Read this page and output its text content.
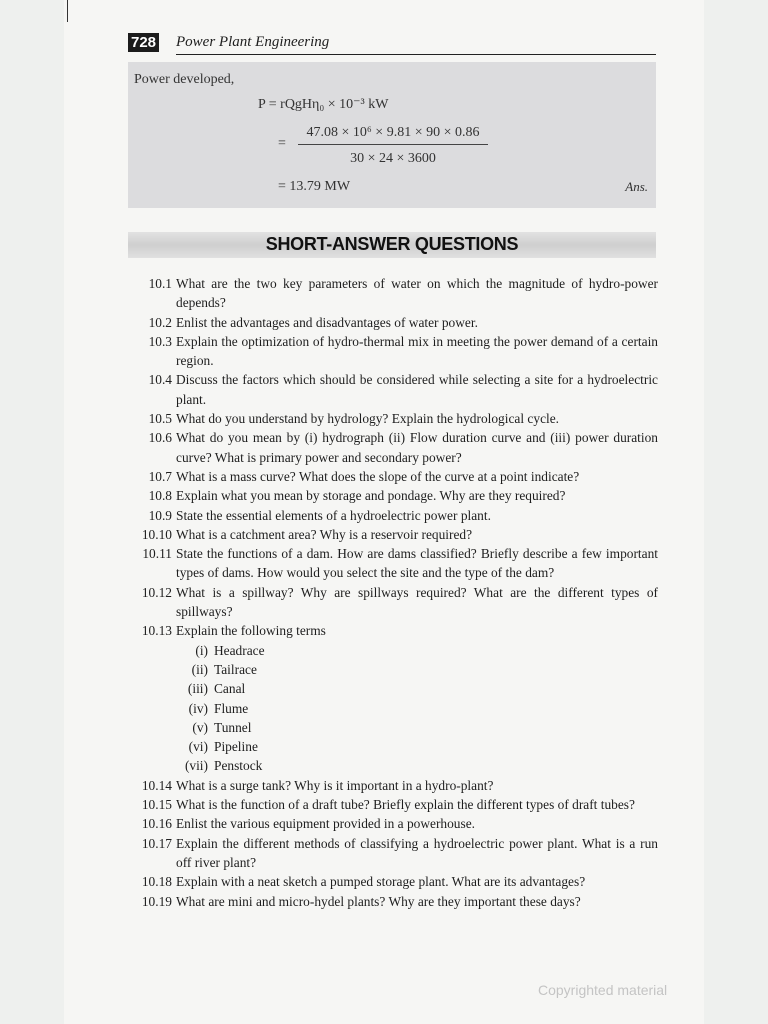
728 Power Plant Engineering
Power developed,
P = rQgHη₀ × 10⁻³ kW
=
47.08 × 10⁶ × 9.81 × 90 × 0.86
30 × 24 × 3600
= 13.79 MW	Ans.
SHORT-ANSWER QUESTIONS
10.1 What are the two key parameters of water on which the magnitude of hydro-power depends?
10.2 Enlist the advantages and disadvantages of water power.
10.3 Explain the optimization of hydro-thermal mix in meeting the power demand of a certain region.
10.4 Discuss the factors which should be considered while selecting a site for a hydroelectric plant.
10.5 What do you understand by hydrology? Explain the hydrological cycle.
10.6 What do you mean by (i) hydrograph (ii) Flow duration curve and (iii) power duration curve? What is primary power and secondary power?
10.7 What is a mass curve? What does the slope of the curve at a point indicate?
10.8 Explain what you mean by storage and pondage. Why are they required?
10.9 State the essential elements of a hydroelectric power plant.
10.10 What is a catchment area? Why is a reservoir required?
10.11 State the functions of a dam. How are dams classified? Briefly describe a few important types of dams. How would you select the site and the type of the dam?
10.12 What is a spillway? Why are spillways required? What are the different types of spillways?
10.13 Explain the following terms
(i) Headrace
(ii) Tailrace
(iii) Canal
(iv) Flume
(v) Tunnel
(vi) Pipeline
(vii) Penstock
10.14 What is a surge tank? Why is it important in a hydro-plant?
10.15 What is the function of a draft tube? Briefly explain the different types of draft tubes?
10.16 Enlist the various equipment provided in a powerhouse.
10.17 Explain the different methods of classifying a hydroelectric power plant. What is a run off river plant?
10.18 Explain with a neat sketch a pumped storage plant. What are its advantages?
10.19 What are mini and micro-hydel plants? Why are they important these days?
Copyrighted material
